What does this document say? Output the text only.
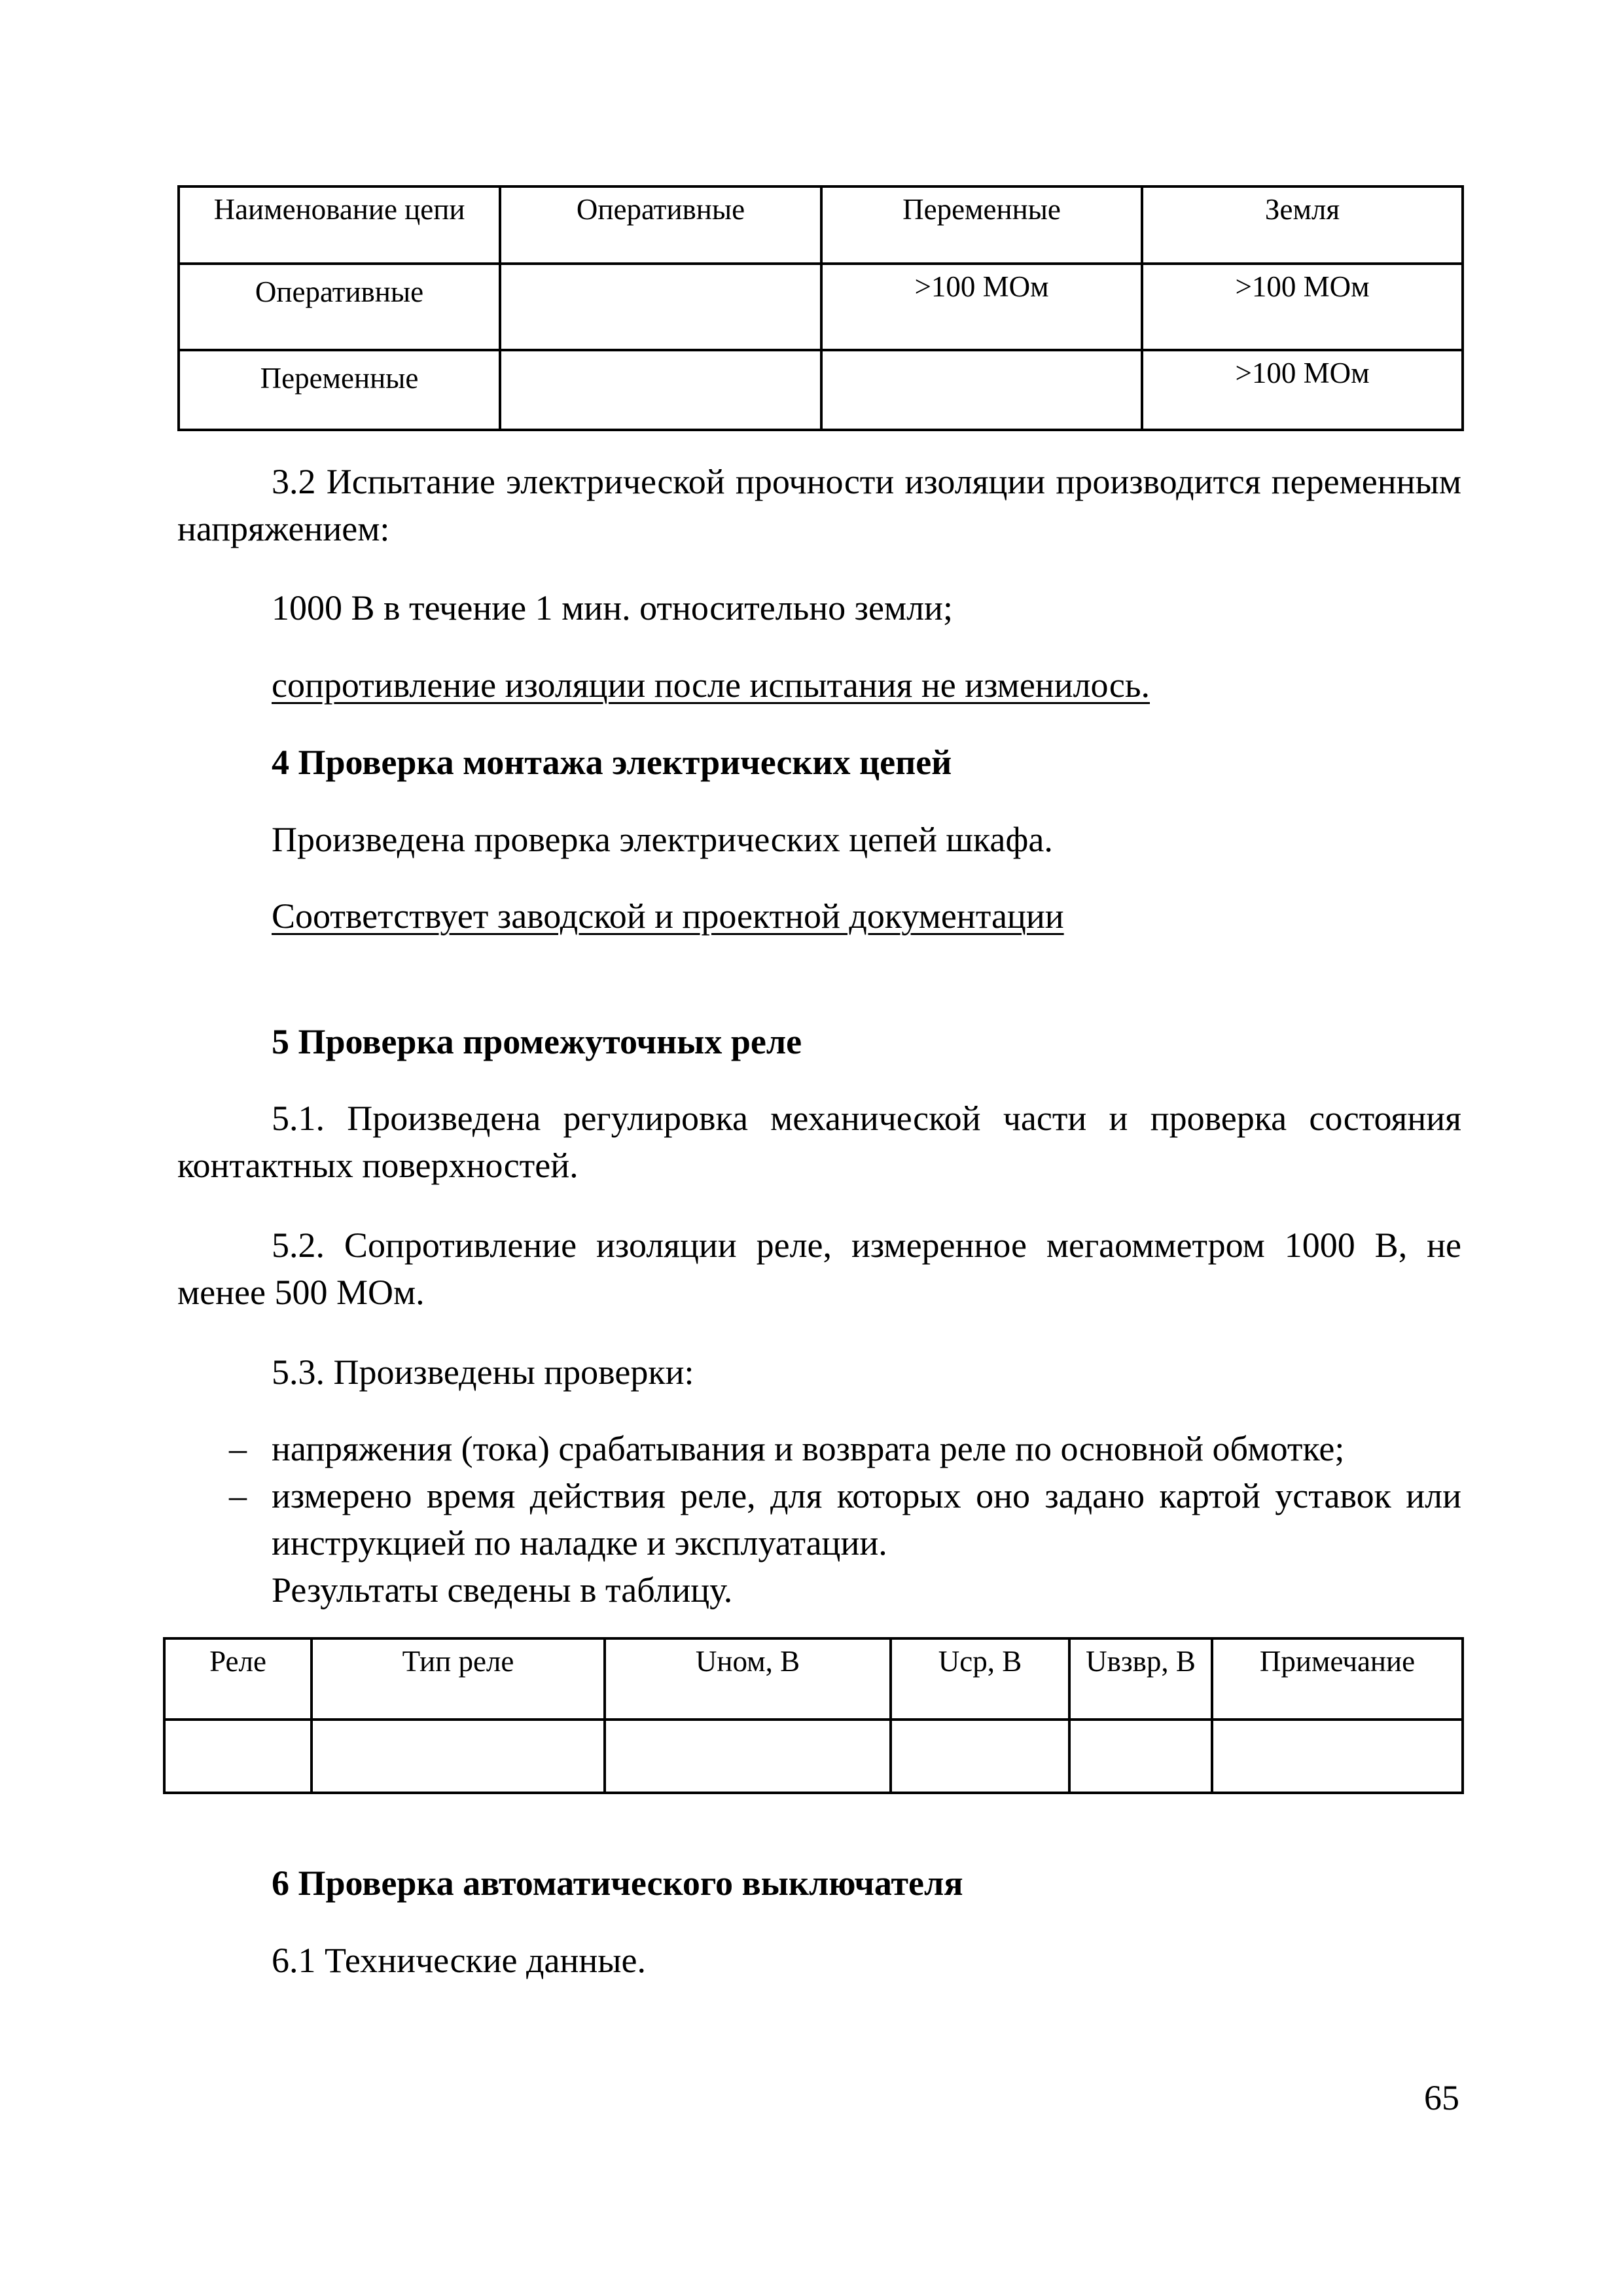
Наименование цепи	Оперативные	Переменные	Земля
Оперативные		>100 МОм	>100 МОм
Переменные			>100 МОм

3.2 Испытание электрической прочности изоляции производится переменным напряжением:

1000 В в течение 1 мин. относительно земли;

сопротивление изоляции после испытания не изменилось.

4 Проверка монтажа электрических цепей

Произведена проверка электрических цепей шкафа.

Соответствует заводской и проектной документации

5 Проверка промежуточных реле

5.1. Произведена регулировка механической части и проверка состояния контактных поверхностей.

5.2. Сопротивление изоляции реле, измеренное мегаомметром 1000 В, не менее 500 МОм.

5.3. Произведены проверки:

– напряжения (тока) срабатывания и возврата реле по основной обмотке;
– измерено время действия реле, для которых оно задано картой уставок или инструкцией по наладке и эксплуатации.

Результаты сведены в таблицу.

Реле	Тип реле	Uном, В	Uср, В	Uвзвр, В	Примечание

6 Проверка автоматического выключателя

6.1 Технические данные.

65
